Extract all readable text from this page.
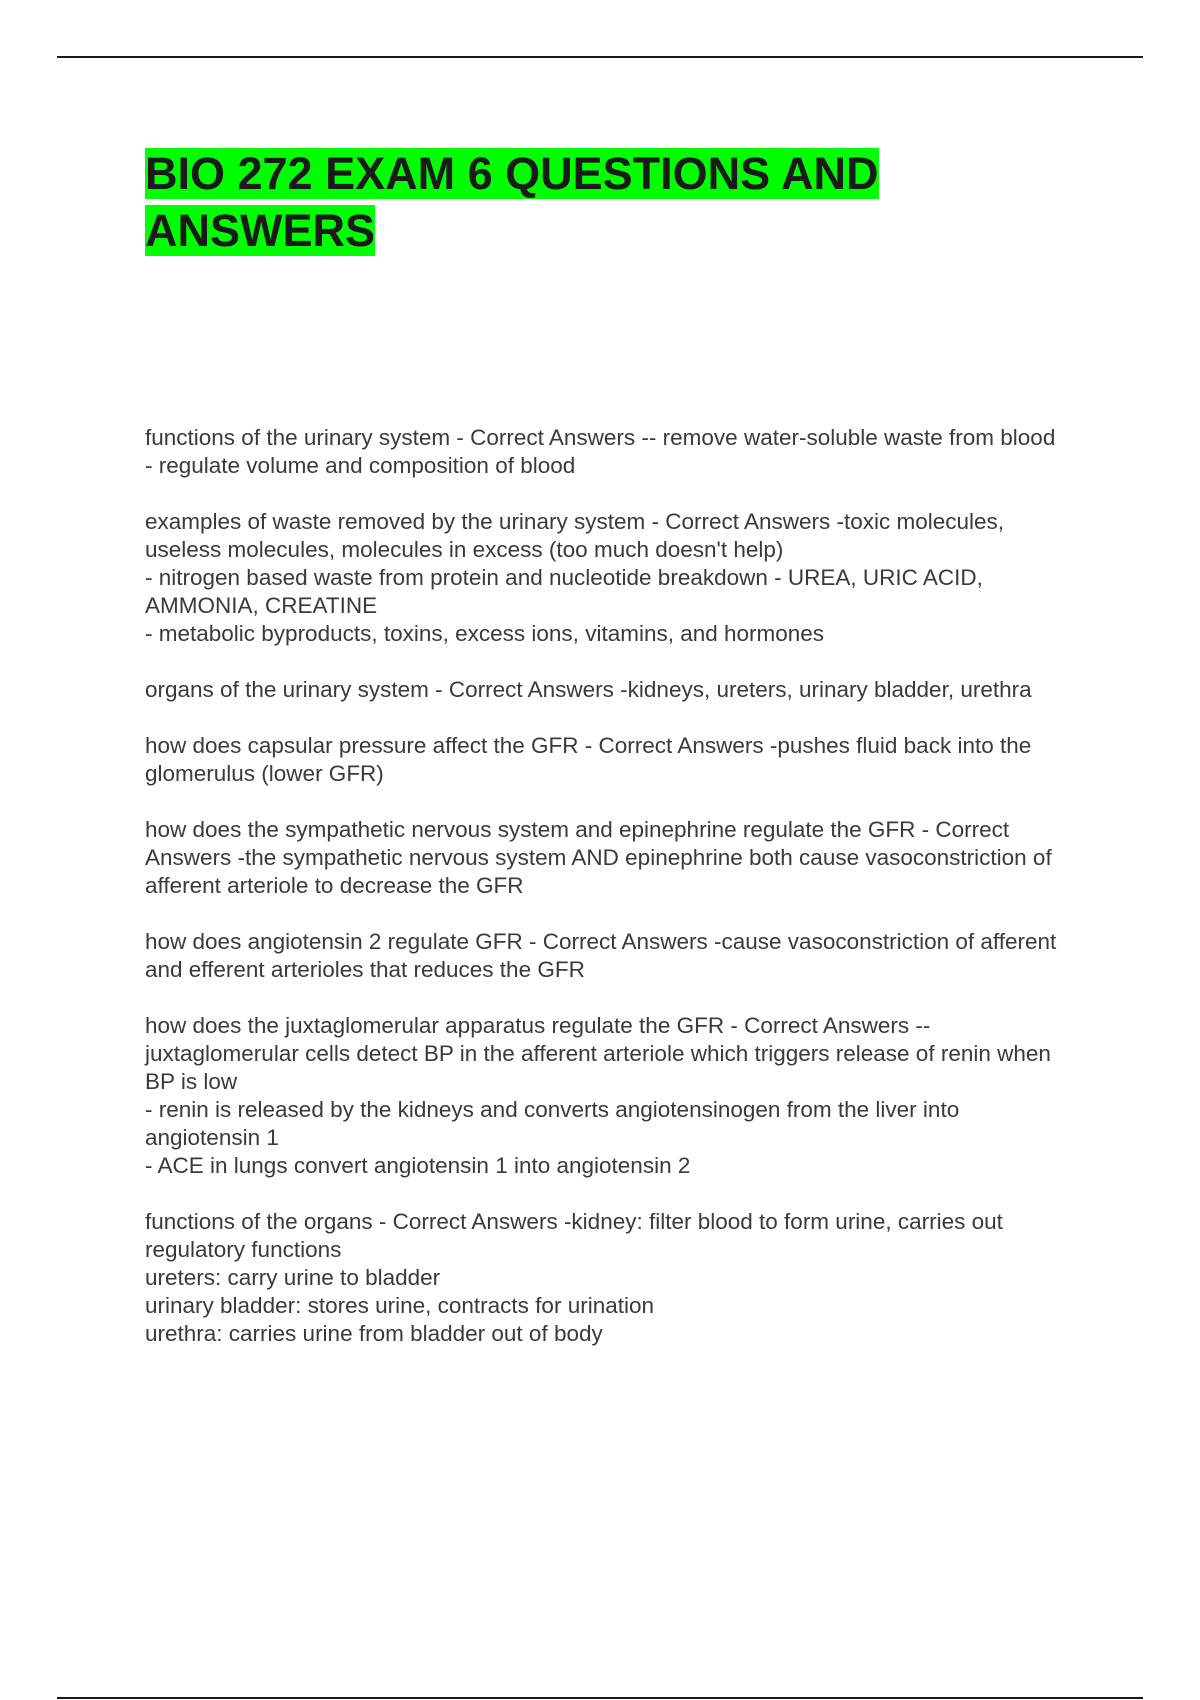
BIO 272 EXAM 6 QUESTIONS AND ANSWERS

functions of the urinary system - Correct Answers -- remove water-soluble waste from blood
- regulate volume and composition of blood

examples of waste removed by the urinary system - Correct Answers -toxic molecules, useless molecules, molecules in excess (too much doesn't help)
- nitrogen based waste from protein and nucleotide breakdown - UREA, URIC ACID, AMMONIA, CREATINE
- metabolic byproducts, toxins, excess ions, vitamins, and hormones

organs of the urinary system - Correct Answers -kidneys, ureters, urinary bladder, urethra

how does capsular pressure affect the GFR - Correct Answers -pushes fluid back into the glomerulus (lower GFR)

how does the sympathetic nervous system and epinephrine regulate the GFR - Correct Answers -the sympathetic nervous system AND epinephrine both cause vasoconstriction of afferent arteriole to decrease the GFR

how does angiotensin 2 regulate GFR - Correct Answers -cause vasoconstriction of afferent and efferent arterioles that reduces the GFR

how does the juxtaglomerular apparatus regulate the GFR - Correct Answers --juxtaglomerular cells detect BP in the afferent arteriole which triggers release of renin when BP is low
- renin is released by the kidneys and converts angiotensinogen from the liver into angiotensin 1
- ACE in lungs convert angiotensin 1 into angiotensin 2

functions of the organs - Correct Answers -kidney: filter blood to form urine, carries out regulatory functions
ureters: carry urine to bladder
urinary bladder: stores urine, contracts for urination
urethra: carries urine from bladder out of body
